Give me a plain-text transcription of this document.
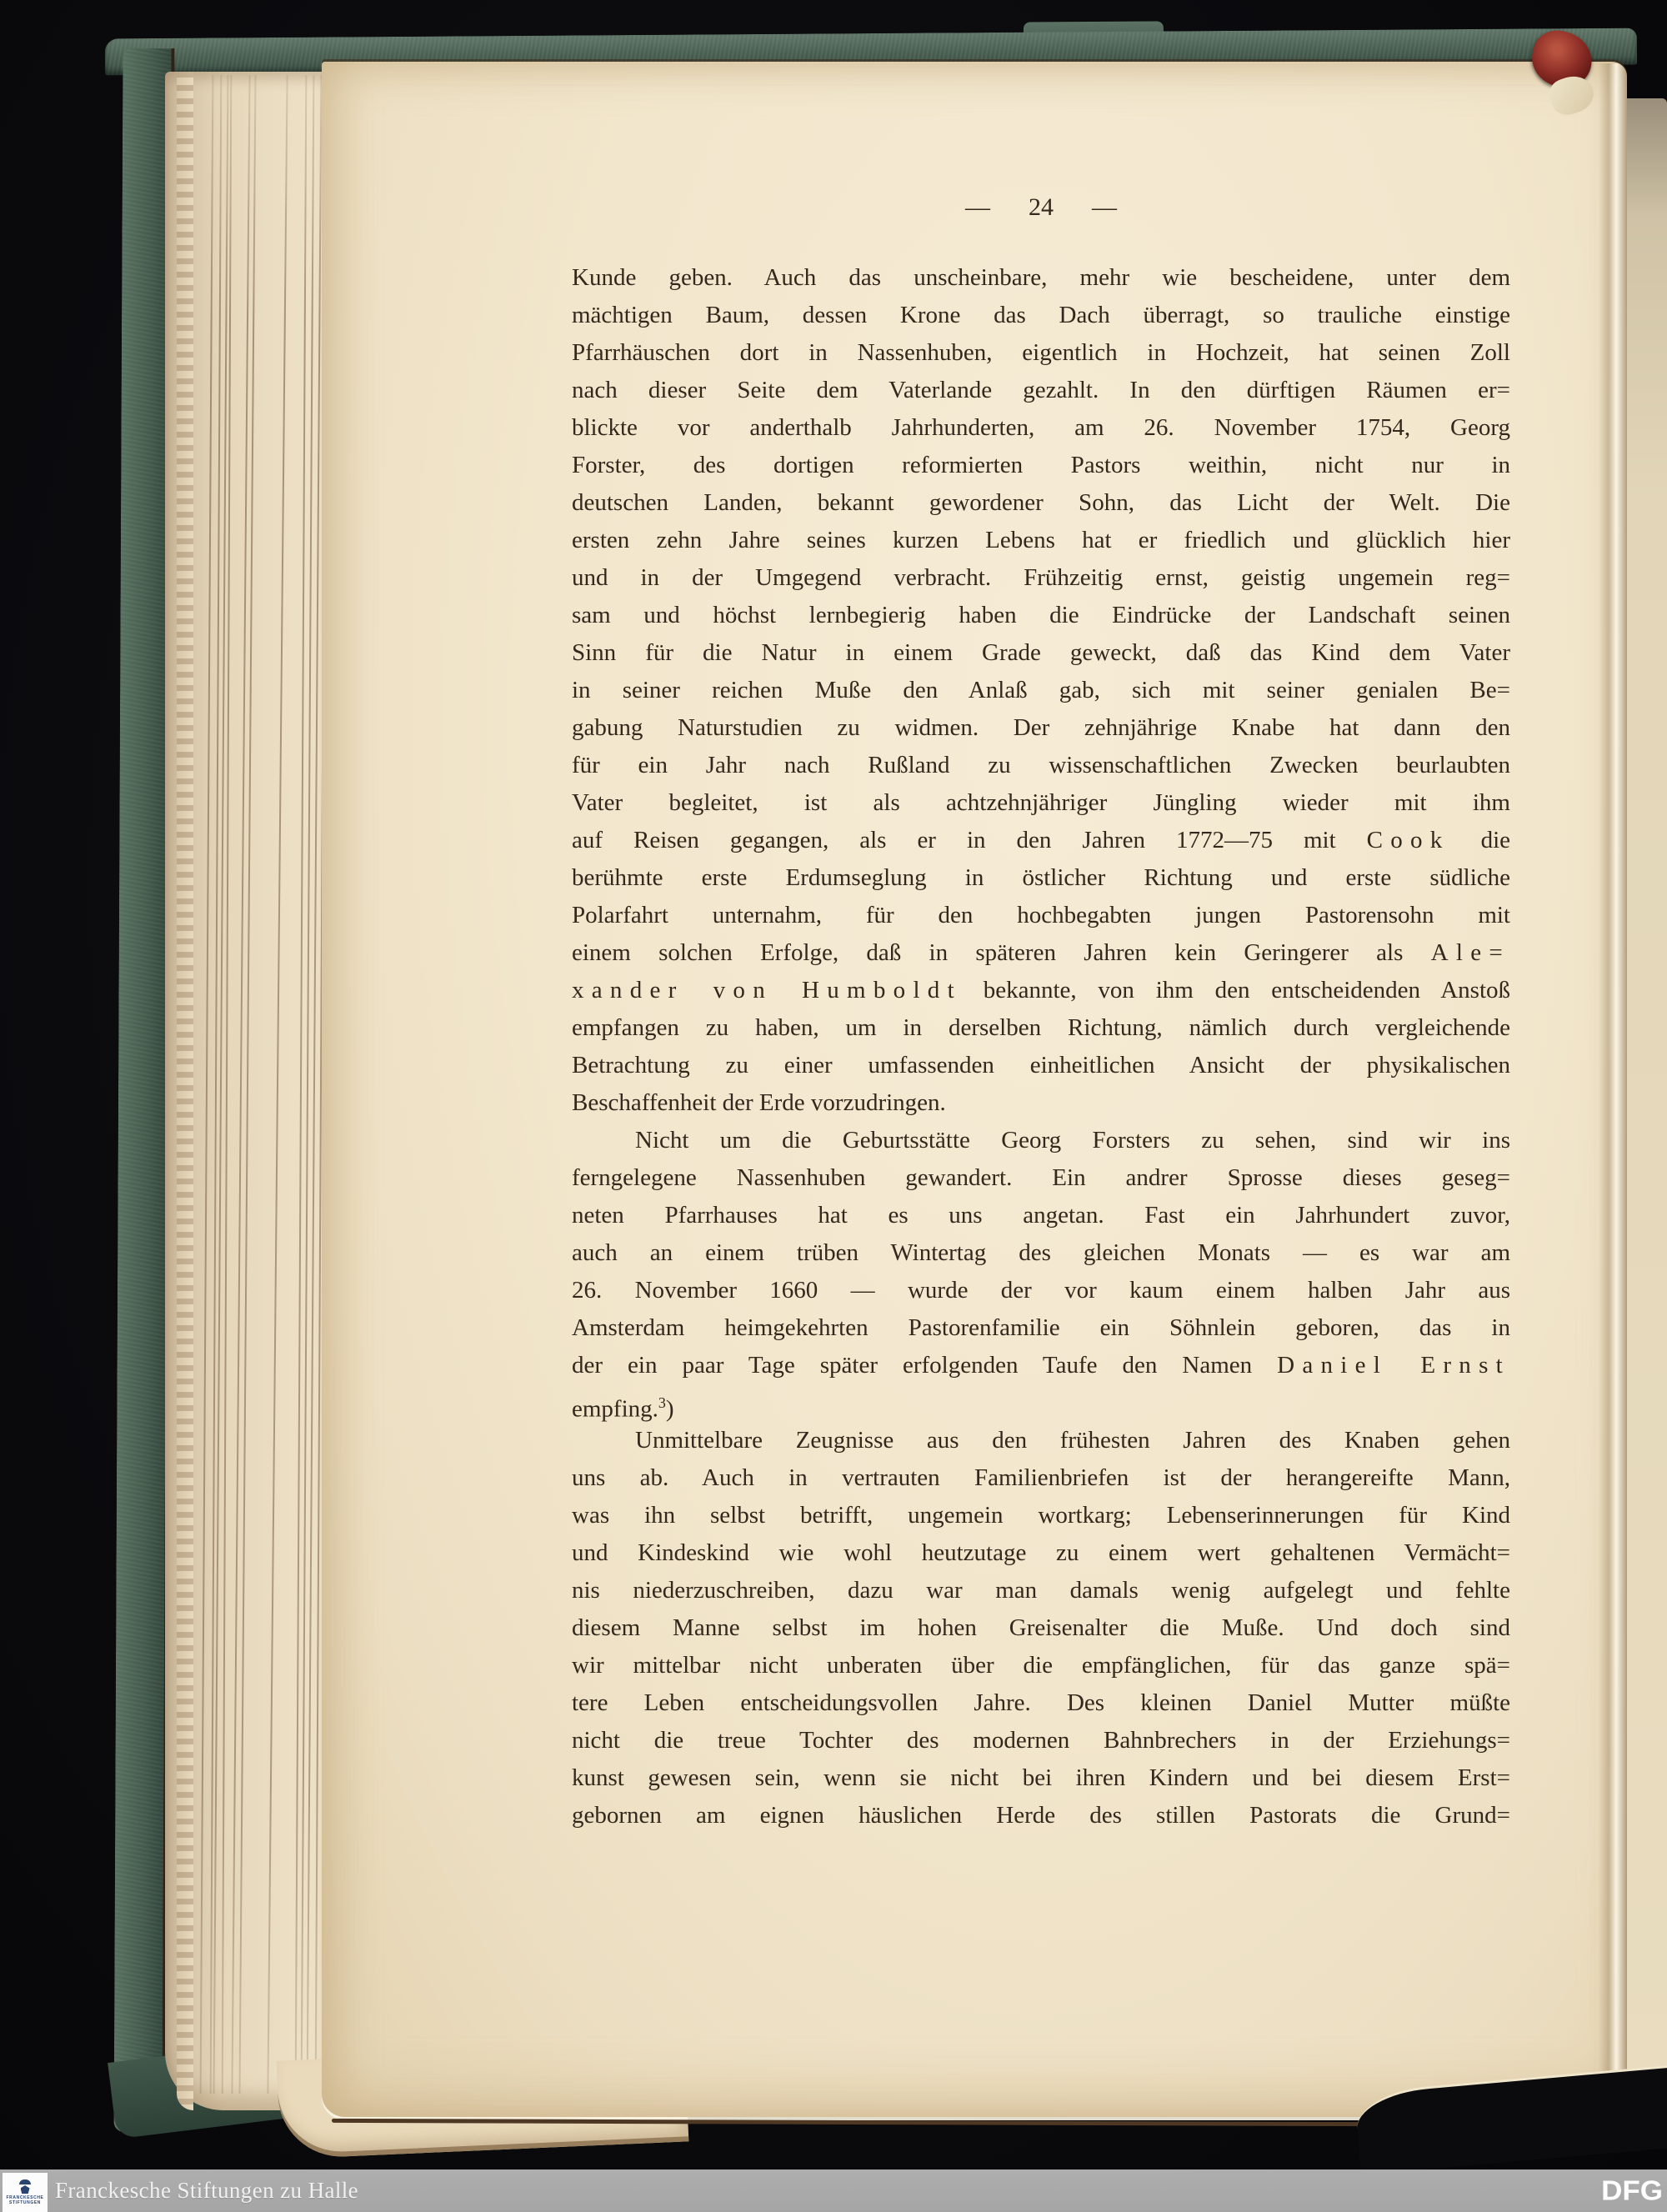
— 24 —
Kunde geben. Auch das unscheinbare, mehr wie bescheidene, unter dem
mächtigen Baum, dessen Krone das Dach überragt, so trauliche einstige
Pfarrhäuschen dort in Nassenhuben, eigentlich in Hochzeit, hat seinen Zoll
nach dieser Seite dem Vaterlande gezahlt. In den dürftigen Räumen er=
blickte vor anderthalb Jahrhunderten, am 26. November 1754, Georg
Forster, des dortigen reformierten Pastors weithin, nicht nur in
deutschen Landen, bekannt gewordener Sohn, das Licht der Welt. Die
ersten zehn Jahre seines kurzen Lebens hat er friedlich und glücklich hier
und in der Umgegend verbracht. Frühzeitig ernst, geistig ungemein reg=
sam und höchst lernbegierig haben die Eindrücke der Landschaft seinen
Sinn für die Natur in einem Grade geweckt, daß das Kind dem Vater
in seiner reichen Muße den Anlaß gab, sich mit seiner genialen Be=
gabung Naturstudien zu widmen. Der zehnjährige Knabe hat dann den
für ein Jahr nach Rußland zu wissenschaftlichen Zwecken beurlaubten
Vater begleitet, ist als achtzehnjähriger Jüngling wieder mit ihm
auf Reisen gegangen, als er in den Jahren 1772—75 mit Cook die
berühmte erste Erdumseglung in östlicher Richtung und erste südliche
Polarfahrt unternahm, für den hochbegabten jungen Pastorensohn mit
einem solchen Erfolge, daß in späteren Jahren kein Geringerer als Ale=
xander von Humboldt bekannte, von ihm den entscheidenden Anstoß
empfangen zu haben, um in derselben Richtung, nämlich durch vergleichende
Betrachtung zu einer umfassenden einheitlichen Ansicht der physikalischen
Beschaffenheit der Erde vorzudringen.
Nicht um die Geburtsstätte Georg Forsters zu sehen, sind wir ins
ferngelegene Nassenhuben gewandert. Ein andrer Sprosse dieses geseg=
neten Pfarrhauses hat es uns angetan. Fast ein Jahrhundert zuvor,
auch an einem trüben Wintertag des gleichen Monats — es war am
26. November 1660 — wurde der vor kaum einem halben Jahr aus
Amsterdam heimgekehrten Pastorenfamilie ein Söhnlein geboren, das in
der ein paar Tage später erfolgenden Taufe den Namen Daniel Ernst
empfing.$^3$)
Unmittelbare Zeugnisse aus den frühesten Jahren des Knaben gehen
uns ab. Auch in vertrauten Familienbriefen ist der herangereifte Mann,
was ihn selbst betrifft, ungemein wortkarg; Lebenserinnerungen für Kind
und Kindeskind wie wohl heutzutage zu einem wert gehaltenen Vermächt=
nis niederzuschreiben, dazu war man damals wenig aufgelegt und fehlte
diesem Manne selbst im hohen Greisenalter die Muße. Und doch sind
wir mittelbar nicht unberaten über die empfänglichen, für das ganze spä=
tere Leben entscheidungsvollen Jahre. Des kleinen Daniel Mutter müßte
nicht die treue Tochter des modernen Bahnbrechers in der Erziehungs=
kunst gewesen sein, wenn sie nicht bei ihren Kindern und bei diesem Erst=
gebornen am eignen häuslichen Herde des stillen Pastorats die Grund=
FRANCKESCHE
STIFTUNGEN Franckesche Stiftungen zu Halle	DFG
